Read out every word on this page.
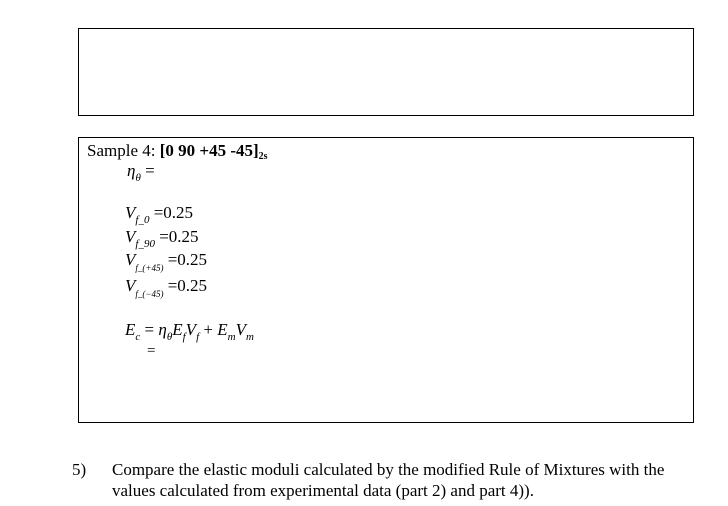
Sample 4: [0 90 +45 -45]2s
$\eta_\theta$ =
$V_{f\_0} =0.25$
$V_{f\_90} =0.25$
$V_{f\_(+45)} =0.25$
$V_{f\_(-45)} =0.25$
$E_c = \eta_\theta E_fV_f + E_mV_m$
=
5) Compare the elastic moduli calculated by the modified Rule of Mixtures with the values calculated from experimental data (part 2) and part 4)).
